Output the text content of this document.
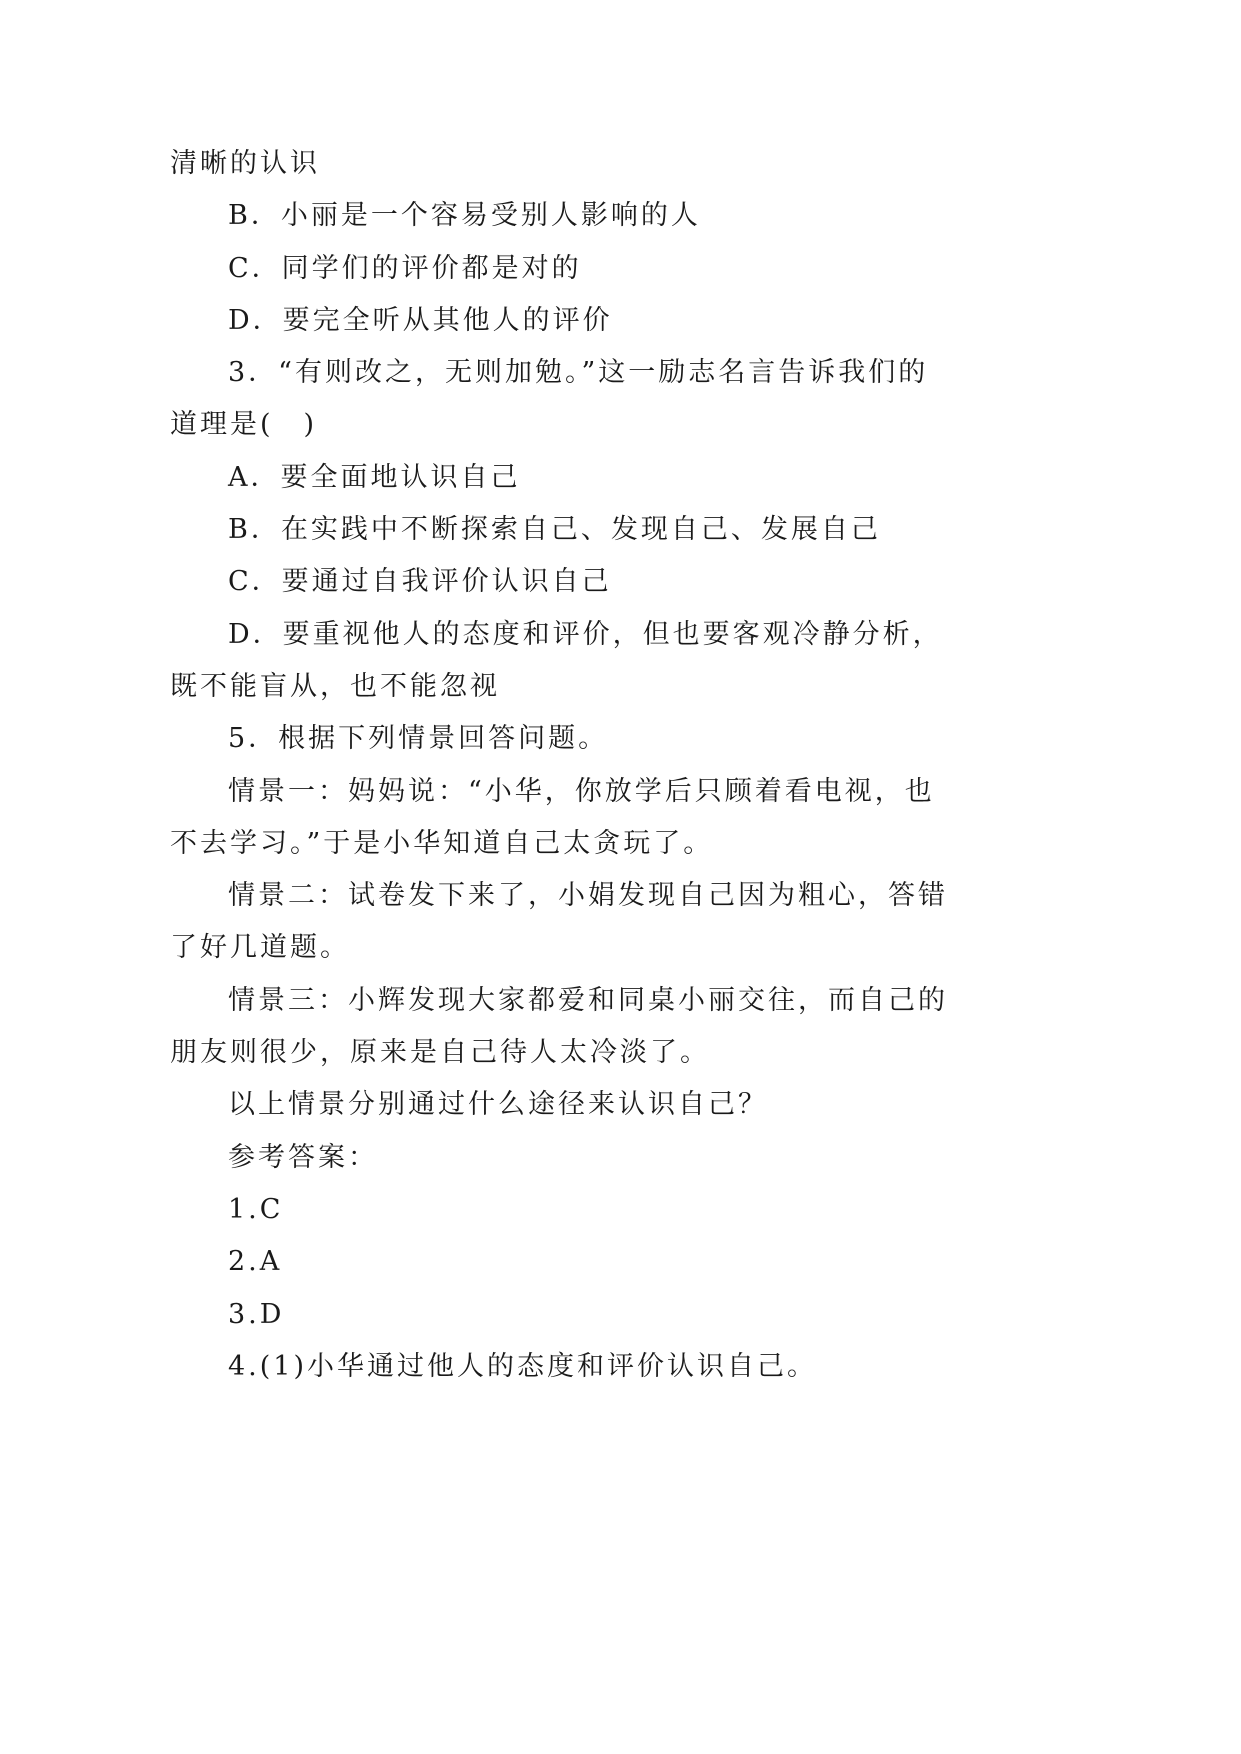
清晰的认识
B．小丽是一个容易受别人影响的人
C．同学们的评价都是对的
D．要完全听从其他人的评价
3．“有则改之，无则加勉。”这一励志名言告诉我们的
道理是(　)
A．要全面地认识自己
B．在实践中不断探索自己、发现自己、发展自己
C．要通过自我评价认识自己
D．要重视他人的态度和评价，但也要客观冷静分析，
既不能盲从，也不能忽视
5．根据下列情景回答问题。
情景一：妈妈说：“小华，你放学后只顾着看电视，也
不去学习。”于是小华知道自己太贪玩了。
情景二：试卷发下来了，小娟发现自己因为粗心，答错
了好几道题。
情景三：小辉发现大家都爱和同桌小丽交往，而自己的
朋友则很少，原来是自己待人太冷淡了。
以上情景分别通过什么途径来认识自己？
参考答案：
1.C
2.A
3.D
4.(1)小华通过他人的态度和评价认识自己。
